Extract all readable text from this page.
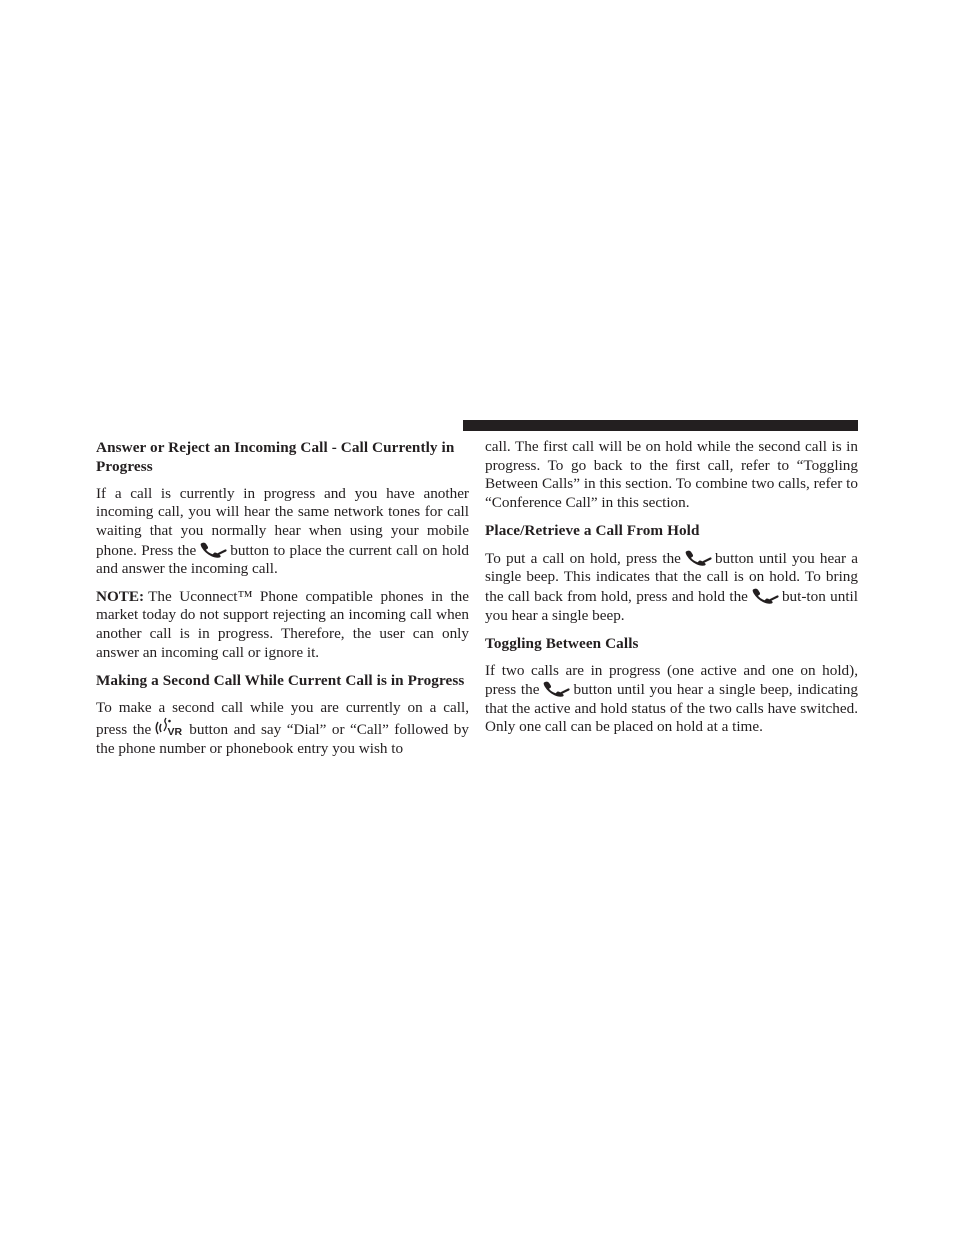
Answer or Reject an Incoming Call - Call Currently in Progress

If a call is currently in progress and you have another incoming call, you will hear the same network tones for call waiting that you normally hear when using your mobile phone. Press the button to place the current call on hold and answer the incoming call.

NOTE: The Uconnect™ Phone compatible phones in the market today do not support rejecting an incoming call when another call is in progress. Therefore, the user can only answer an incoming call or ignore it.

Making a Second Call While Current Call is in Progress

To make a second call while you are currently on a call, press the VR button and say “Dial” or “Call” followed by the phone number or phonebook entry you wish to

call. The first call will be on hold while the second call is in progress. To go back to the first call, refer to “Toggling Between Calls” in this section. To combine two calls, refer to “Conference Call” in this section.

Place/Retrieve a Call From Hold

To put a call on hold, press the button until you hear a single beep. This indicates that the call is on hold. To bring the call back from hold, press and hold the but-ton until you hear a single beep.

Toggling Between Calls

If two calls are in progress (one active and one on hold), press the button until you hear a single beep, indicating that the active and hold status of the two calls have switched. Only one call can be placed on hold at a time.
